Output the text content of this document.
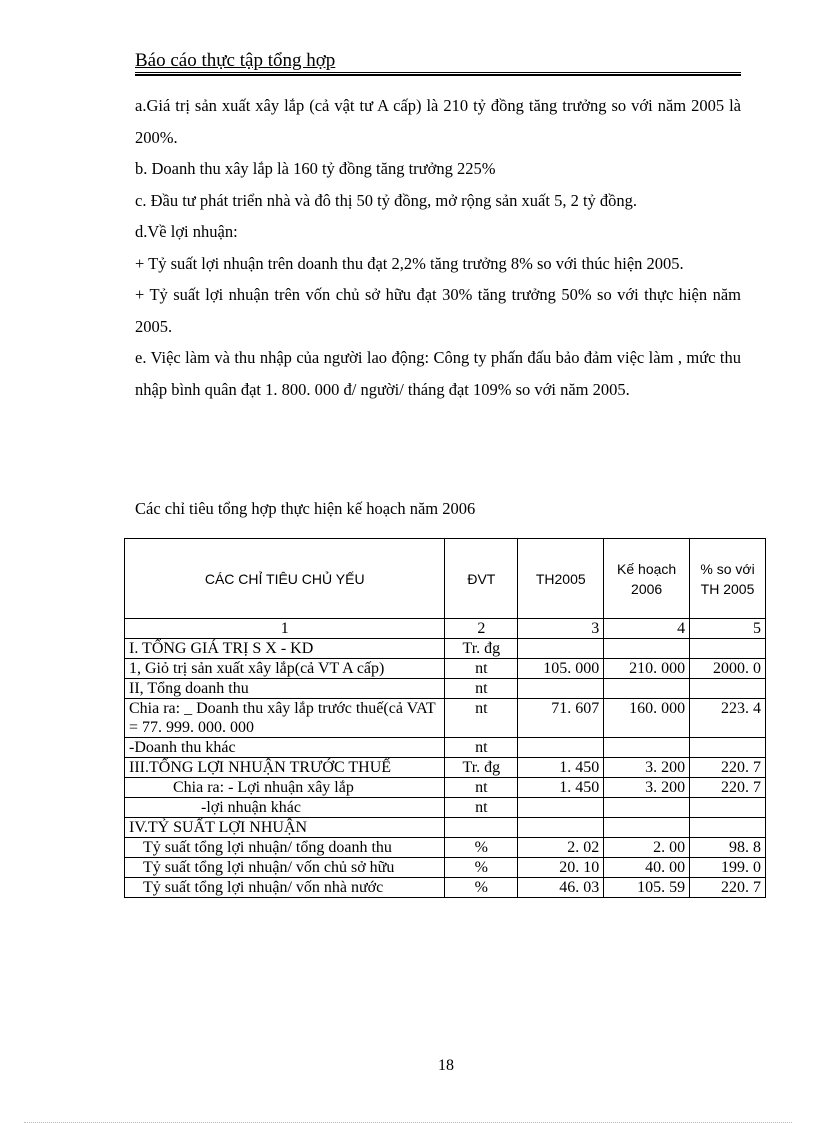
Báo cáo thực tập tổng hợp

a.Giá trị sản xuất xây lắp (cả vật tư A cấp) là 210 tỷ đồng tăng trưởng so với năm 2005 là 200%.

b. Doanh thu xây lắp là 160 tỷ đồng tăng trưởng 225%

c. Đầu tư phát triển nhà và đô thị 50 tỷ đồng, mở rộng sản xuất 5, 2 tỷ đồng.

d.Về lợi nhuận:

+ Tỷ suất lợi nhuận trên doanh thu đạt 2,2% tăng trưởng 8% so với thúc hiện 2005.

+ Tỷ suất lợi nhuận trên vốn chủ sở hữu đạt 30% tăng trưởng 50% so với thực hiện năm 2005.

e. Việc làm và thu nhập của người lao động: Công ty phấn đấu bảo đảm việc làm , mức thu nhập bình quân đạt 1. 800. 000 đ/ người/ tháng đạt 109% so với năm 2005.

Các chỉ tiêu tổng hợp thực hiện kế hoạch năm 2006
CÁC CHỈ TIÊU CHỦ YẾU	ĐVT	TH2005	Kế hoạch 2006	% so với TH 2005
1	2	3	4	5
I. TỔNG GIÁ TRỊ S X - KD	Tr. đg			
1, Giỏ trị sản xuất xây lắp(cả VT A cấp)	nt	105. 000	210. 000	2000. 0
II, Tổng doanh thu	nt			
Chia ra: _ Doanh thu xây lắp trước thuế(cả VAT = 77. 999. 000. 000	nt	71. 607	160. 000	223. 4
-Doanh thu khác	nt			
III.TỔNG LỢI NHUẬN TRƯỚC THUẾ	Tr. đg	1. 450	3. 200	220. 7
Chia ra: - Lợi nhuận xây lắp	nt	1. 450	3. 200	220. 7
-lợi nhuận khác	nt			
IV.TỶ SUẤT LỢI NHUẬN				
Tỷ suất tổng lợi nhuận/ tổng doanh thu	%	2. 02	2. 00	98. 8
Tỷ suất tổng lợi nhuận/ vốn chủ sở hữu	%	20. 10	40. 00	199. 0
Tỷ suất tổng lợi nhuận/ vốn nhà nước	%	46. 03	105. 59	220. 7
18
